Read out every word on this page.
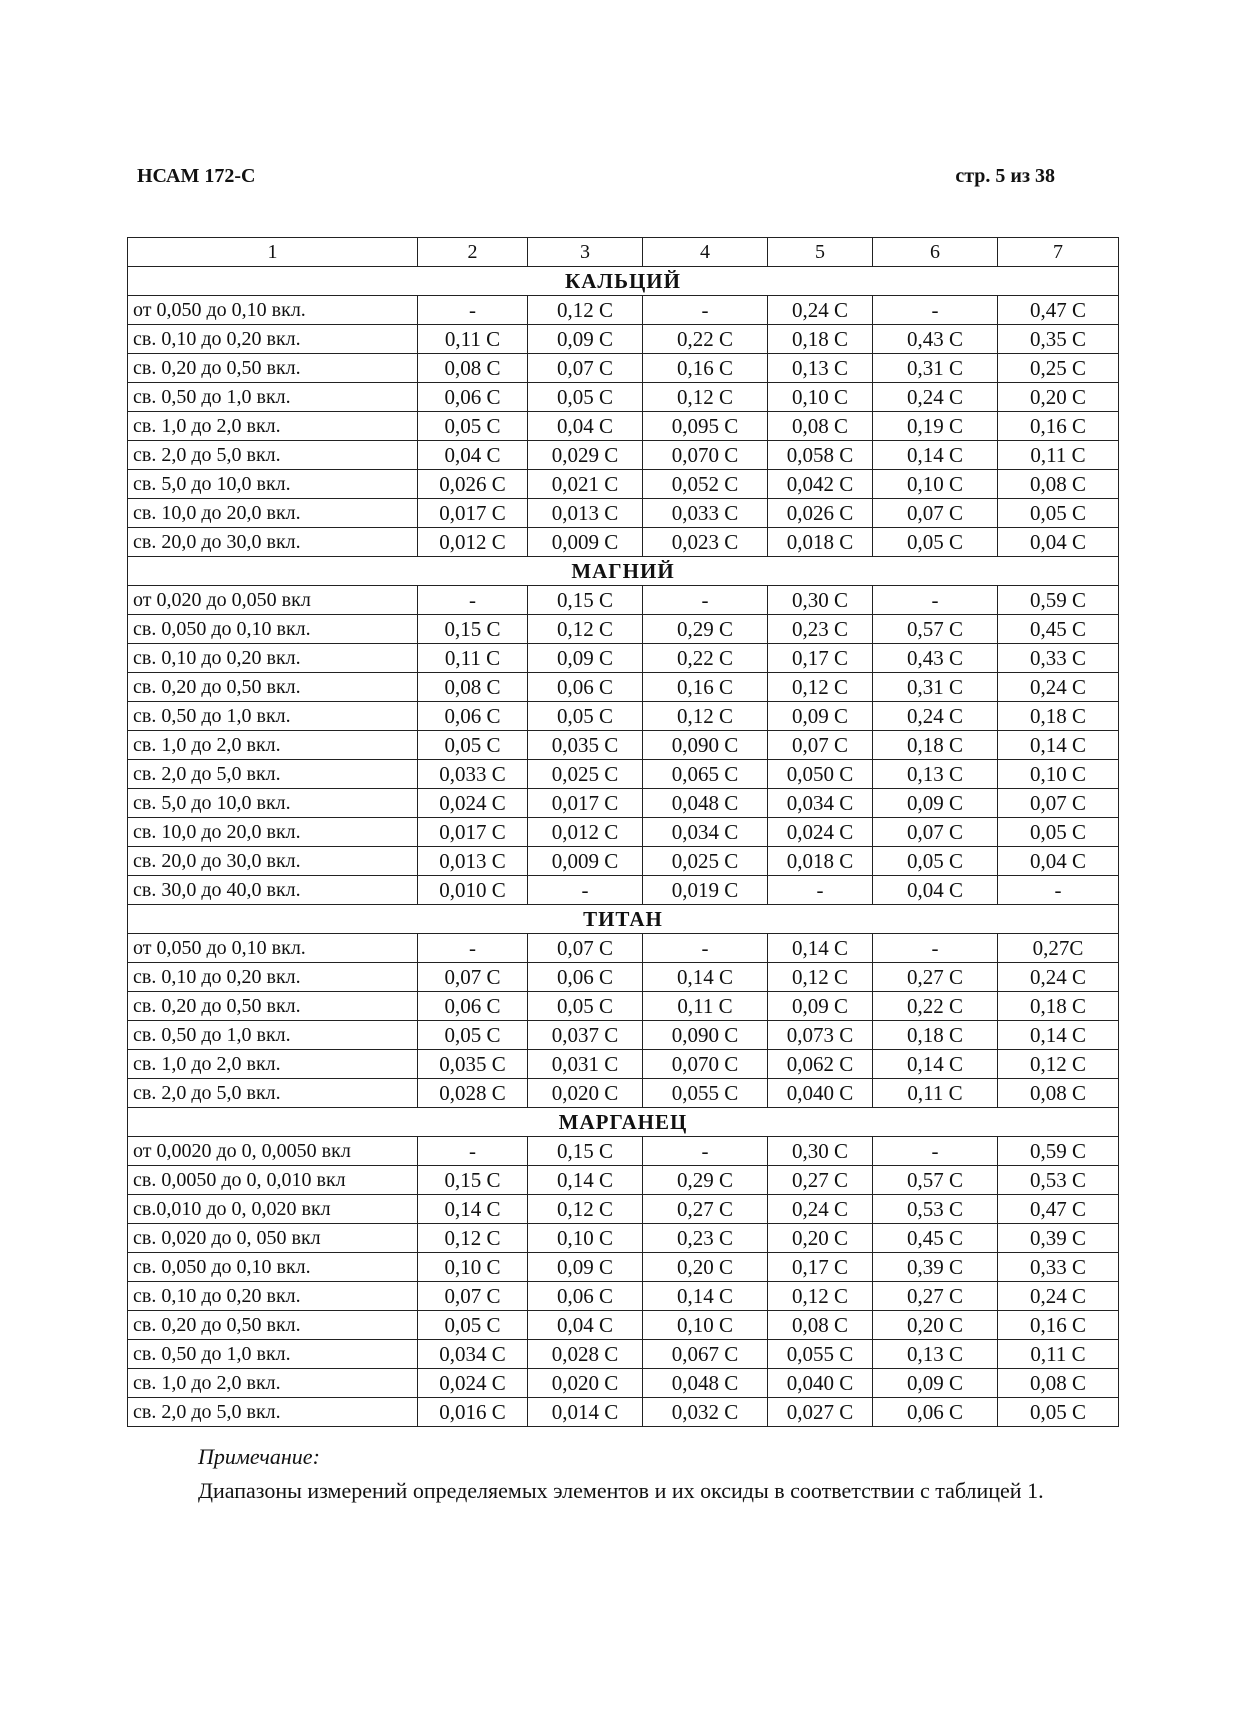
НСАМ 172-С	стр. 5 из 38
1	2	3	4	5	6	7
КАЛЬЦИЙ						
от 0,050 до 0,10 вкл.	-	0,12 С	-	0,24 С	-	0,47 С
св. 0,10 до 0,20 вкл.	0,11 С	0,09 С	0,22 С	0,18 С	0,43 С	0,35 С
св. 0,20 до 0,50 вкл.	0,08 С	0,07 С	0,16 С	0,13 С	0,31 С	0,25 С
св. 0,50 до 1,0 вкл.	0,06 С	0,05 С	0,12 С	0,10 С	0,24 С	0,20 С
св. 1,0 до 2,0 вкл.	0,05 С	0,04 С	0,095 С	0,08 С	0,19 С	0,16 С
св. 2,0 до 5,0 вкл.	0,04 С	0,029 С	0,070 С	0,058 С	0,14 С	0,11 С
св. 5,0 до 10,0 вкл.	0,026 С	0,021 С	0,052 С	0,042 С	0,10 С	0,08 С
св. 10,0 до 20,0 вкл.	0,017 С	0,013 С	0,033 С	0,026 С	0,07 С	0,05 С
св. 20,0 до 30,0 вкл.	0,012 С	0,009 С	0,023 С	0,018 С	0,05 С	0,04 С
МАГНИЙ						
от 0,020 до 0,050 вкл	-	0,15 С	-	0,30 С	-	0,59 С
св. 0,050 до 0,10 вкл.	0,15 С	0,12 С	0,29 С	0,23 С	0,57 С	0,45 С
св. 0,10 до 0,20 вкл.	0,11 С	0,09 С	0,22 С	0,17 С	0,43 С	0,33 С
св. 0,20 до 0,50 вкл.	0,08 С	0,06 С	0,16 С	0,12 С	0,31 С	0,24 С
св. 0,50 до 1,0 вкл.	0,06 С	0,05 С	0,12 С	0,09 С	0,24 С	0,18 С
св. 1,0 до 2,0 вкл.	0,05 С	0,035 С	0,090 С	0,07 С	0,18 С	0,14 С
св. 2,0 до 5,0 вкл.	0,033 С	0,025 С	0,065 С	0,050 С	0,13 С	0,10 С
св. 5,0 до 10,0 вкл.	0,024 С	0,017 С	0,048 С	0,034 С	0,09 С	0,07 С
св. 10,0 до 20,0 вкл.	0,017 С	0,012 С	0,034 С	0,024 С	0,07 С	0,05 С
св. 20,0 до 30,0 вкл.	0,013 С	0,009 С	0,025 С	0,018 С	0,05 С	0,04 С
св. 30,0 до 40,0 вкл.	0,010 С	-	0,019 С	-	0,04 С	-
ТИТАН						
от 0,050 до 0,10 вкл.	-	0,07 С	-	0,14 С	-	0,27С
св. 0,10 до 0,20 вкл.	0,07 С	0,06 С	0,14 С	0,12 С	0,27 С	0,24 С
св. 0,20 до 0,50 вкл.	0,06 С	0,05 С	0,11 С	0,09 С	0,22 С	0,18 С
св. 0,50 до 1,0 вкл.	0,05 С	0,037 С	0,090 С	0,073 С	0,18 С	0,14 С
св. 1,0 до 2,0 вкл.	0,035 С	0,031 С	0,070 С	0,062 С	0,14 С	0,12 С
св. 2,0 до 5,0 вкл.	0,028 С	0,020 С	0,055 С	0,040 С	0,11 С	0,08 С
МАРГАНЕЦ						
от 0,0020 до 0, 0,0050 вкл	-	0,15 С	-	0,30 С	-	0,59 С
св. 0,0050 до 0, 0,010 вкл	0,15 С	0,14 С	0,29 С	0,27 С	0,57 С	0,53 С
св.0,010 до 0, 0,020 вкл	0,14 С	0,12 С	0,27 С	0,24 С	0,53 С	0,47 С
св. 0,020 до 0, 050 вкл	0,12 С	0,10 С	0,23 С	0,20 С	0,45 С	0,39 С
св. 0,050 до 0,10 вкл.	0,10 С	0,09 С	0,20 С	0,17 С	0,39 С	0,33 С
св. 0,10 до 0,20 вкл.	0,07 С	0,06 С	0,14 С	0,12 С	0,27 С	0,24 С
св. 0,20 до 0,50 вкл.	0,05 С	0,04 С	0,10 С	0,08 С	0,20 С	0,16 С
св. 0,50 до 1,0 вкл.	0,034 С	0,028 С	0,067 С	0,055 С	0,13 С	0,11 С
св. 1,0 до 2,0 вкл.	0,024 С	0,020 С	0,048 С	0,040 С	0,09 С	0,08 С
св. 2,0 до 5,0 вкл.	0,016 С	0,014 С	0,032 С	0,027 С	0,06 С	0,05 С
Примечание:
Диапазоны измерений определяемых элементов и их оксиды в соответствии с таблицей 1.
